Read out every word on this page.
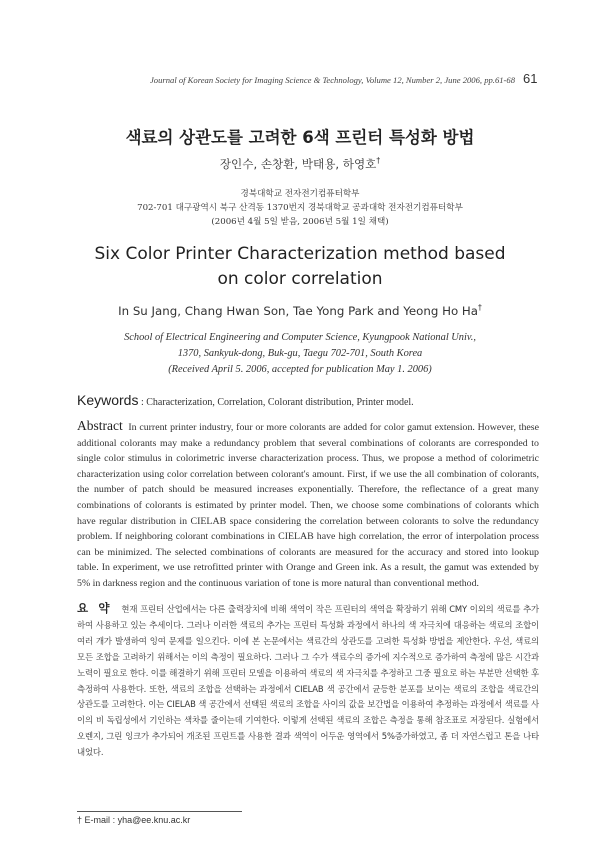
Journal of Korean Society for Imaging Science & Technology, Volume 12, Number 2, June 2006, pp.61-68 61
색료의 상관도를 고려한 6색 프린터 특성화 방법
장인수, 손창환, 박태용, 하영호†
경북대학교 전자전기컴퓨터학부
702-701 대구광역시 북구 산격동 1370번지 경북대학교 공과대학 전자전기컴퓨터학부
(2006년 4월 5일 받음, 2006년 5월 1일 채택)
Six Color Printer Characterization method based
on color correlation
In Su Jang, Chang Hwan Son, Tae Yong Park and Yeong Ho Ha†
School of Electrical Engineering and Computer Science, Kyungpook National Univ.,
1370, Sankyuk-dong, Buk-gu, Taegu 702-701, South Korea
(Received April 5. 2006, accepted for publication May 1. 2006)
Keywords : Characterization, Correlation, Colorant distribution, Printer model.
Abstract In current printer industry, four or more colorants are added for color gamut extension. However, these additional colorants may make a redundancy problem that several combinations of colorants are corresponded to single color stimulus in colorimetric inverse characterization process. Thus, we propose a method of colorimetric characterization using color correlation between colorant's amount. First, if we use the all combination of colorants, the number of patch should be measured increases exponentially. Therefore, the reflectance of a great many combinations of colorants is estimated by printer model. Then, we choose some combinations of colorants which have regular distribution in CIELAB space considering the correlation between colorants to solve the redundancy problem. If neighboring colorant combinations in CIELAB have high correlation, the error of interpolation process can be minimized. The selected combinations of colorants are measured for the accuracy and stored into lookup table. In experiment, we use retrofitted printer with Orange and Green ink. As a result, the gamut was extended by 5% in darkness region and the continuous variation of tone is more natural than conventional method.
요 약 현재 프린터 산업에서는 다른 출력장치에 비해 색역이 작은 프린터의 색역을 확장하기 위해 CMY 이외의 색료를 추가하여 사용하고 있는 추세이다. 그러나 이러한 색료의 추가는 프린터 특성화 과정에서 하나의 색 자극치에 대응하는 색료의 조합이 여러 개가 발생하여 잉여 문제를 일으킨다. 이에 본 논문에서는 색료간의 상관도를 고려한 특성화 방법을 제안한다. 우선, 색료의 모든 조합을 고려하기 위해서는 이의 측정이 필요하다. 그러나 그 수가 색료수의 증가에 지수적으로 증가하여 측정에 많은 시간과 노력이 필요로 한다. 이를 해결하기 위해 프린터 모델을 이용하여 색료의 색 자극치를 추정하고 그중 필요로 하는 부분만 선택한 후 측정하여 사용한다. 또한, 색료의 조합을 선택하는 과정에서 CIELAB 색 공간에서 균등한 분포를 보이는 색료의 조합을 색료간의 상관도를 고려한다. 이는 CIELAB 색 공간에서 선택된 색료의 조합을 사이의 값을 보간법을 이용하여 추정하는 과정에서 색료를 사이의 비 독립성에서 기인하는 색차를 줄이는데 기여한다. 이렇게 선택된 색료의 조합은 측정을 통해 참조표로 저장된다. 실험에서 오렌지, 그린 잉크가 추가되어 개조된 프린트를 사용한 결과 색역이 어두운 영역에서 5%증가하였고, 좀 더 자연스럽고 톤을 나타내었다.
† E-mail : yha@ee.knu.ac.kr
